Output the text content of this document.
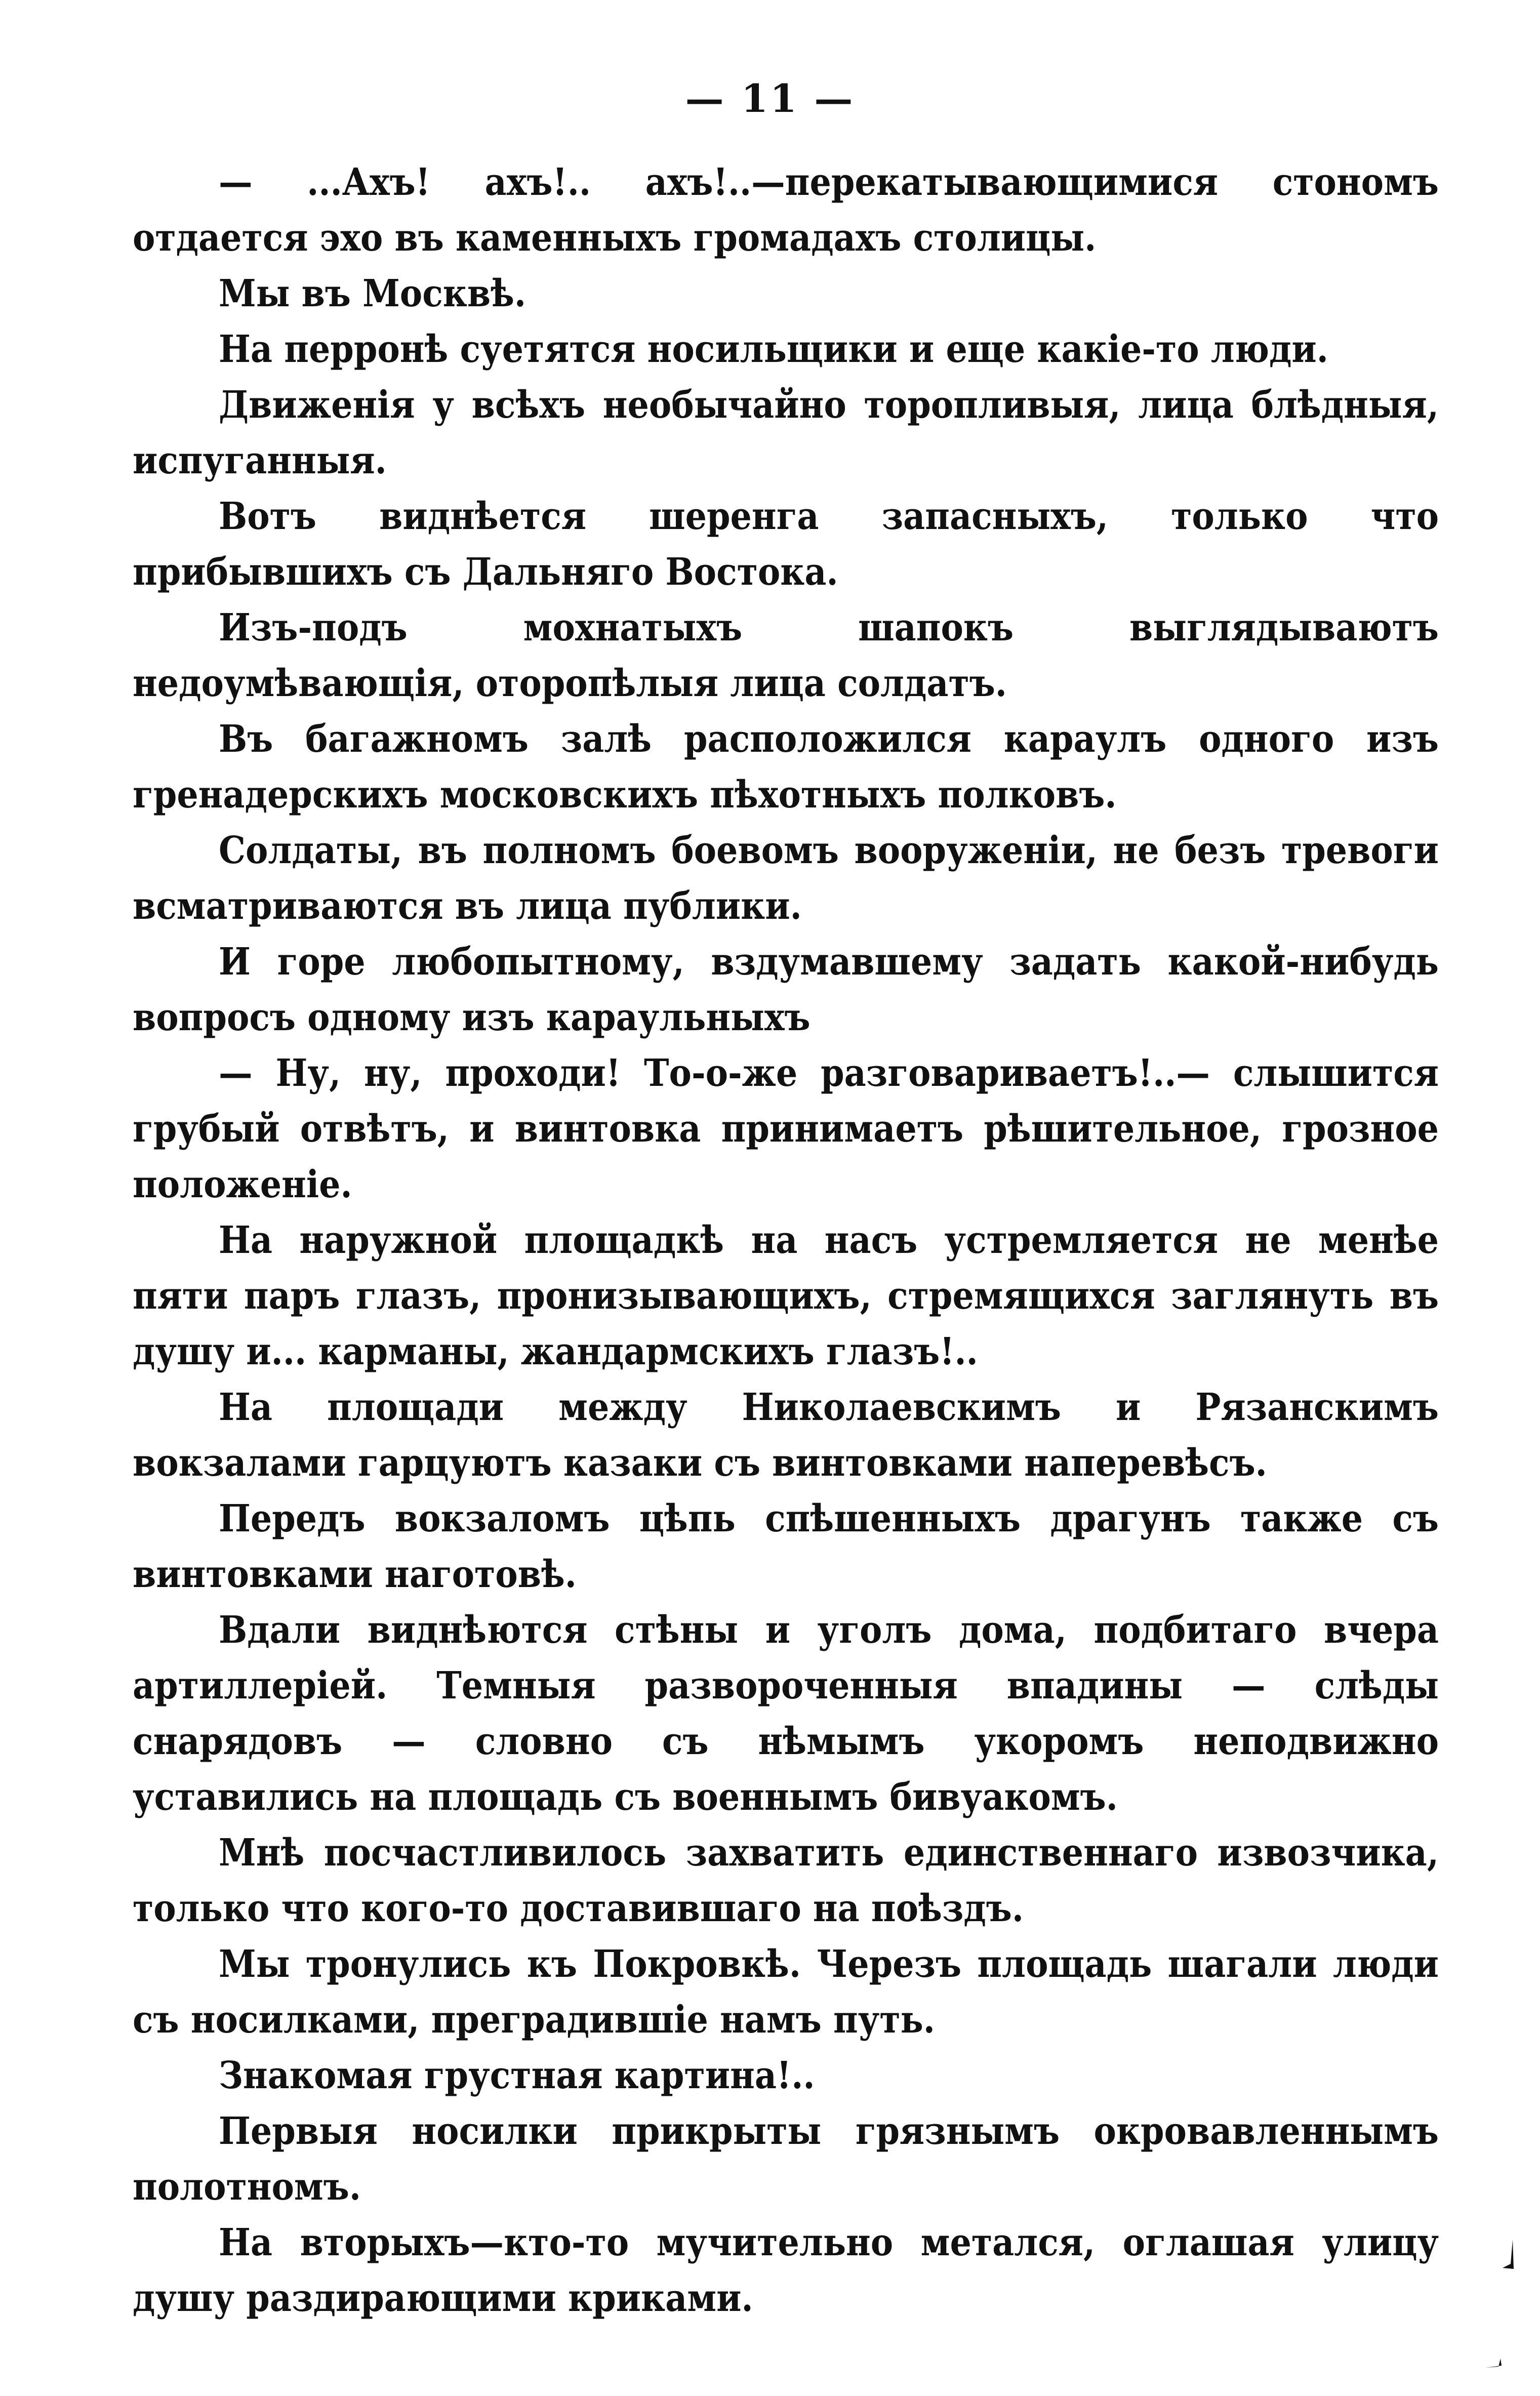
— 11 —

— ...Ахъ! ахъ!.. ахъ!..—перекатывающимися стономъ отдается эхо въ каменныхъ громадахъ столицы.

Мы въ Москвѣ.

На перронѣ суетятся носильщики и еще какіе-то люди.

Движенія у всѣхъ необычайно торопливыя, лица блѣдныя, испуганныя.

Вотъ виднѣется шеренга запасныхъ, только что прибывшихъ съ Дальняго Востока.

Изъ-подъ мохнатыхъ шапокъ выглядываютъ недоумѣвающія, оторопѣлыя лица солдатъ.

Въ багажномъ залѣ расположился караулъ одного изъ гренадерскихъ московскихъ пѣхотныхъ полковъ.

Солдаты, въ полномъ боевомъ вооруженіи, не безъ тревоги всматриваются въ лица публики.

И горе любопытному, вздумавшему задать какой-нибудь вопросъ одному изъ караульныхъ

— Ну, ну, проходи! То-о-же разговариваетъ!..— слышится грубый отвѣтъ, и винтовка принимаетъ рѣшительное, грозное положеніе.

На наружной площадкѣ на насъ устремляется не менѣе пяти паръ глазъ, пронизывающихъ, стремящихся заглянуть въ душу и... карманы, жандармскихъ глазъ!..

На площади между Николаевскимъ и Рязанскимъ вокзалами гарцуютъ казаки съ винтовками наперевѣсъ.

Передъ вокзаломъ цѣпь спѣшенныхъ драгунъ также съ винтовками наготовѣ.

Вдали виднѣются стѣны и уголъ дома, подбитаго вчера артиллеріей. Темныя развороченныя впадины — слѣды снарядовъ — словно съ нѣмымъ укоромъ неподвижно уставились на площадь съ военнымъ бивуакомъ.

Мнѣ посчастливилось захватить единственнаго извозчика, только что кого-то доставившаго на поѣздъ.

Мы тронулись къ Покровкѣ. Черезъ площадь шагали люди съ носилками, преградившіе намъ путь.

Знакомая грустная картина!..

Первыя носилки прикрыты грязнымъ окровавленнымъ полотномъ.

На вторыхъ—кто-то мучительно метался, оглашая улицу душу раздирающими криками.
